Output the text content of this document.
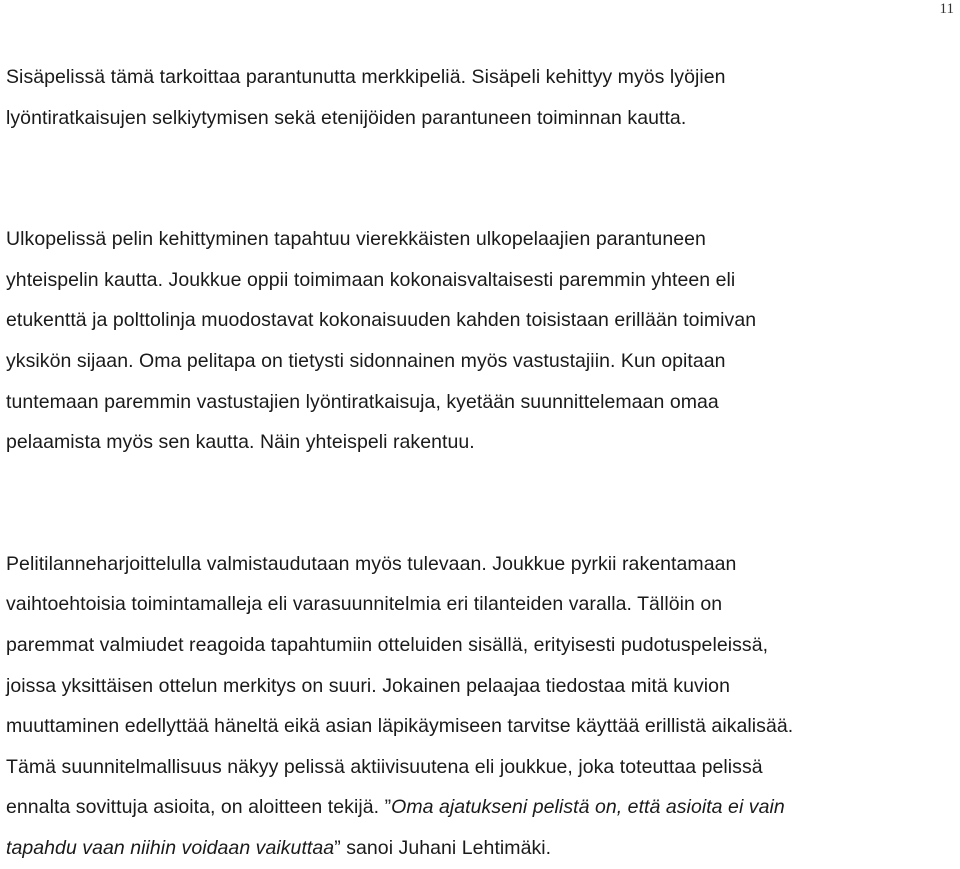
11

Sisäpelissä tämä tarkoittaa parantunutta merkkipeliä. Sisäpeli kehittyy myös lyöjien
lyöntiratkaisujen selkiytymisen sekä etenijöiden parantuneen toiminnan kautta.

Ulkopelissä pelin kehittyminen tapahtuu vierekkäisten ulkopelaajien parantuneen
yhteispelin kautta. Joukkue oppii toimimaan kokonaisvaltaisesti paremmin yhteen eli
etukenttä ja polttolinja muodostavat kokonaisuuden kahden toisistaan erillään toimivan
yksikön sijaan. Oma pelitapa on tietysti sidonnainen myös vastustajiin. Kun opitaan
tuntemaan paremmin vastustajien lyöntiratkaisuja, kyetään suunnittelemaan omaa
pelaamista myös sen kautta. Näin yhteispeli rakentuu.

Pelitilanneharjoittelulla valmistaudutaan myös tulevaan. Joukkue pyrkii rakentamaan
vaihtoehtoisia toimintamalleja eli varasuunnitelmia eri tilanteiden varalla. Tällöin on
paremmat valmiudet reagoida tapahtumiin otteluiden sisällä, erityisesti pudotuspeleissä,
joissa yksittäisen ottelun merkitys on suuri. Jokainen pelaajaa tiedostaa mitä kuvion
muuttaminen edellyttää häneltä eikä asian läpikäymiseen tarvitse käyttää erillistä aikalisää.
Tämä suunnitelmallisuus näkyy pelissä aktiivisuutena eli joukkue, joka toteuttaa pelissä
ennalta sovittuja asioita, on aloitteen tekijä. ”Oma ajatukseni pelistä on, että asioita ei vain
tapahdu vaan niihin voidaan vaikuttaa” sanoi Juhani Lehtimäki.
